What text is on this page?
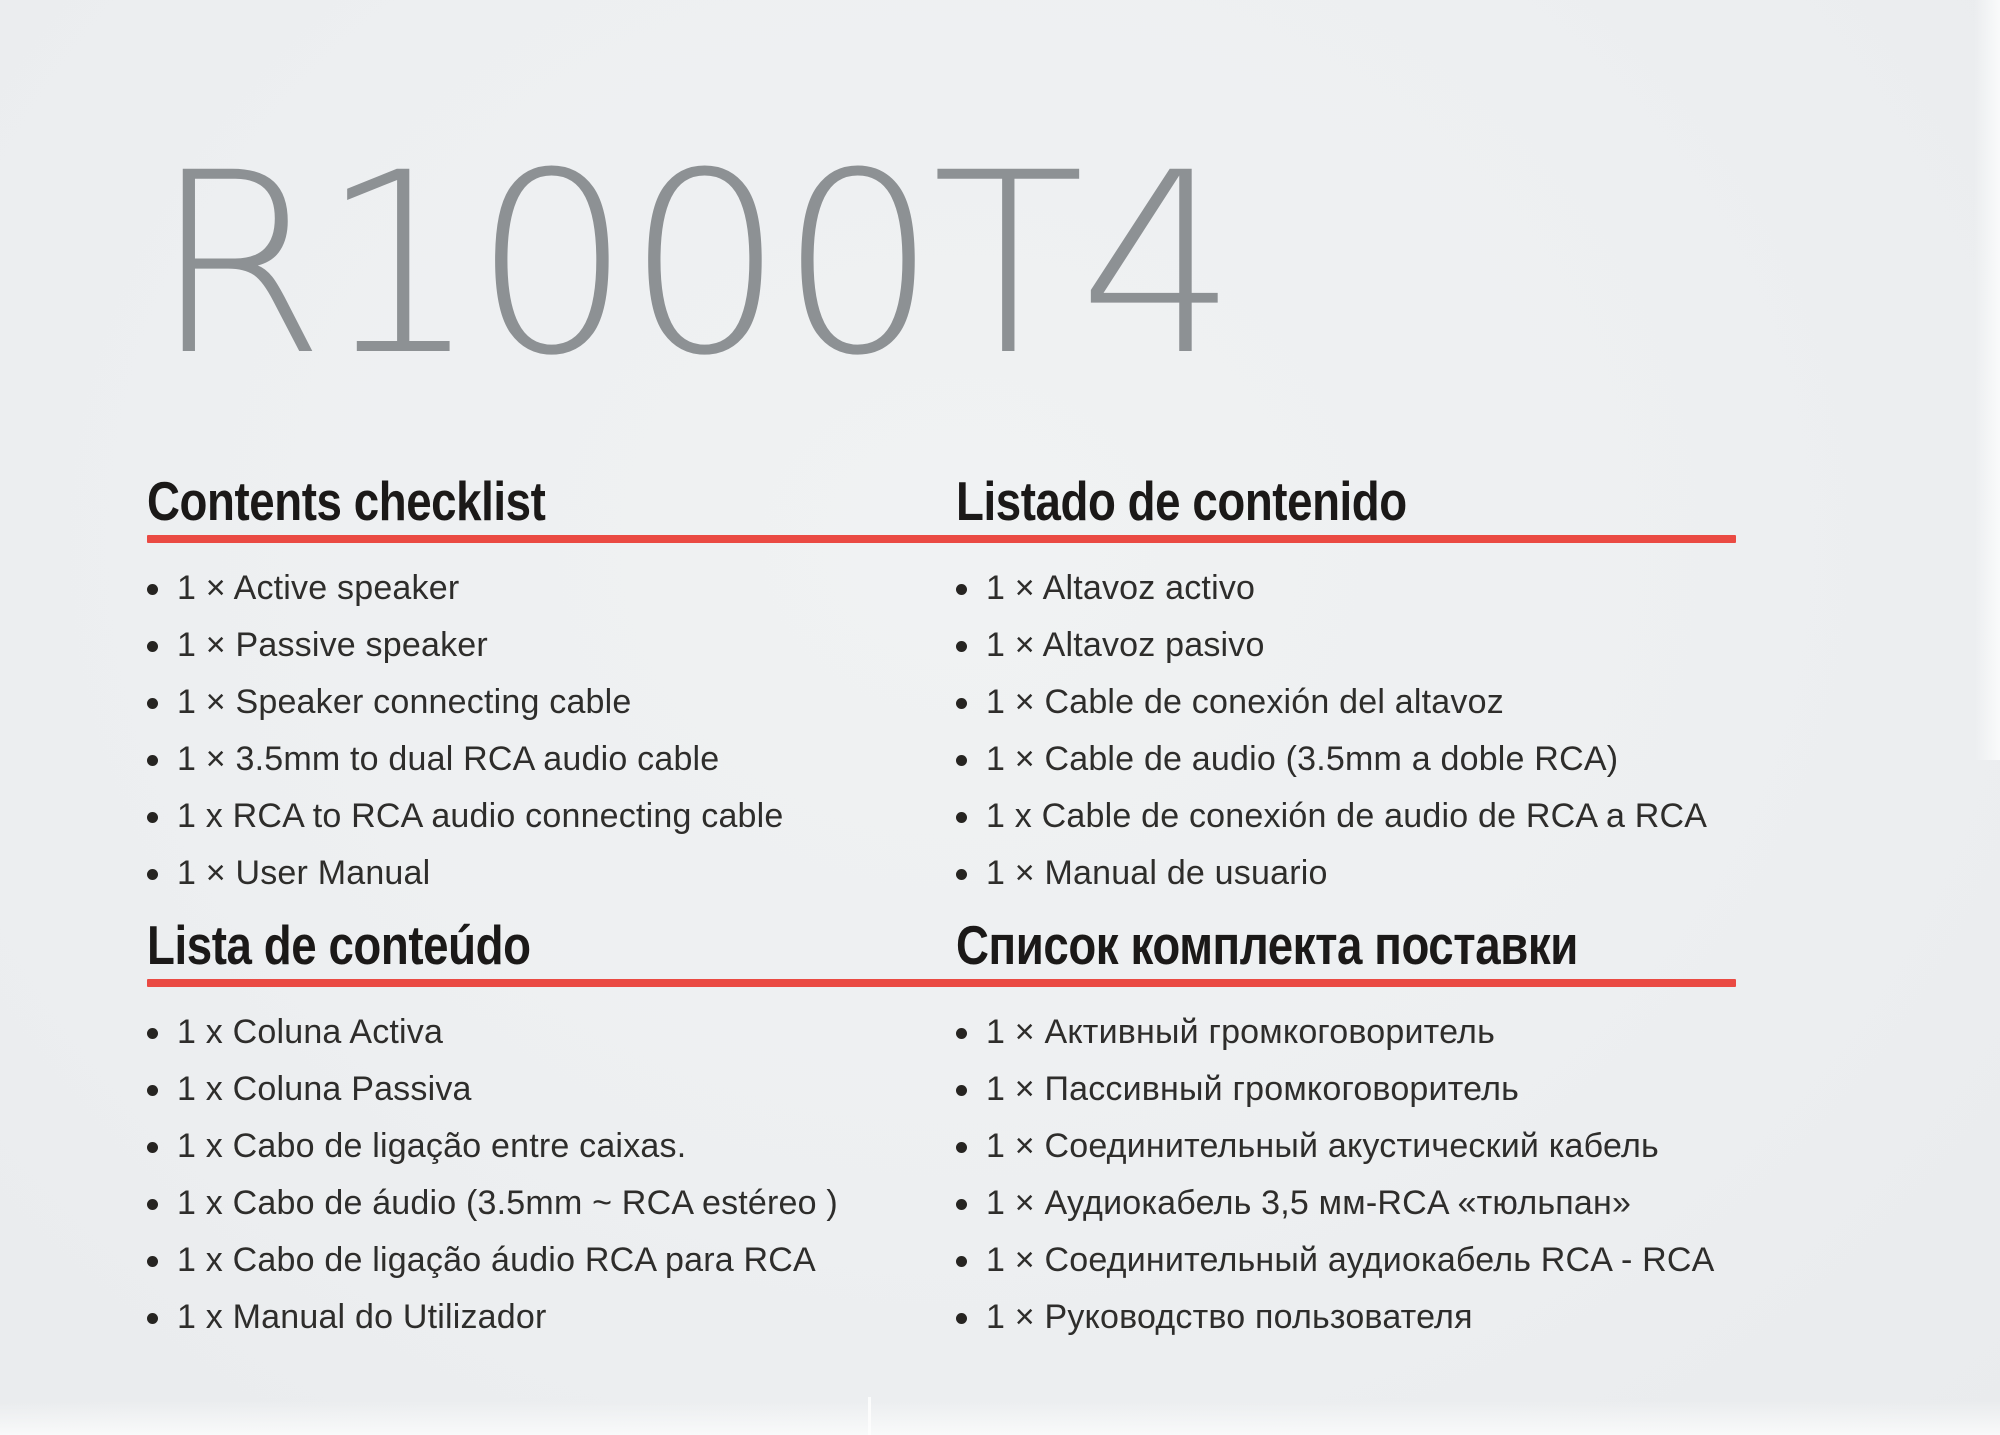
R1000T4
Contents checklist
1 × Active speaker
1 × Passive speaker
1 × Speaker connecting cable
1 × 3.5mm to dual RCA audio cable
1 x RCA to RCA audio connecting cable
1 × User Manual
Listado de contenido
1 × Altavoz activo
1 × Altavoz pasivo
1 × Cable de conexión del altavoz
1 × Cable de audio (3.5mm a doble RCA)
1 x Cable de conexión de audio de RCA a RCA
1 × Manual de usuario
Lista de conteúdo
1 x Coluna Activa
1 x Coluna Passiva
1 x Cabo de ligação entre caixas.
1 x Cabo de áudio (3.5mm ~ RCA estéreo )
1 x Cabo de ligação áudio RCA para RCA
1 x Manual do Utilizador
Список комплекта поставки
1 × Активный громкоговоритель
1 × Пассивный громкоговоритель
1 × Соединительный акустический кабель
1 × Аудиокабель 3,5 мм-RCA «тюльпан»
1 × Соединительный аудиокабель RCA - RCA
1 × Руководство пользователя
